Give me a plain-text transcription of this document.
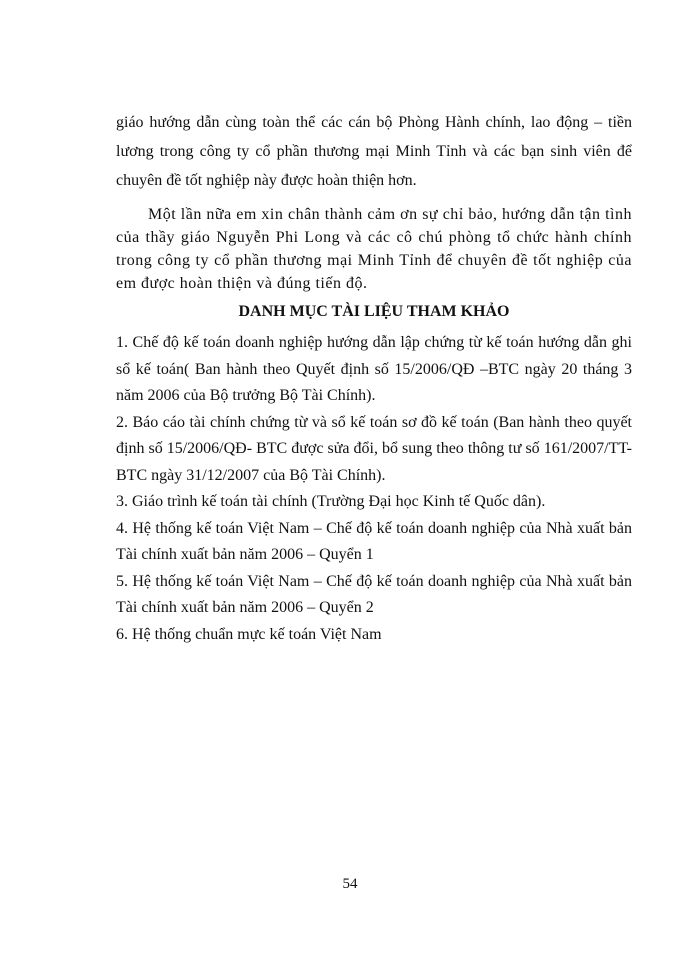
giáo hướng dẫn cùng toàn thể các cán bộ Phòng Hành chính, lao động – tiền lương trong công ty cổ phần thương mại Minh Tỉnh và các bạn sinh viên để chuyên đề tốt nghiệp này được hoàn thiện hơn.

Một lần nữa em xin chân thành cảm ơn sự chỉ bảo, hướng dẫn tận tình của thầy giáo Nguyễn Phi Long và các cô chú phòng tổ chức hành chính trong công ty cổ phần thương mại Minh Tỉnh để chuyên đề tốt nghiệp của em được hoàn thiện và đúng tiến độ.

DANH MỤC TÀI LIỆU THAM KHẢO
1. Chế độ kế toán doanh nghiệp hướng dẫn lập chứng từ kế toán hướng dẫn ghi sổ kế toán( Ban hành theo Quyết định số 15/2006/QĐ –BTC ngày 20 tháng 3 năm 2006 của Bộ trưởng Bộ Tài Chính).
2. Báo cáo tài chính chứng từ và sổ kế toán sơ đồ kế toán (Ban hành theo quyết định số 15/2006/QĐ- BTC được sửa đổi, bổ sung theo thông tư số 161/2007/TT- BTC ngày 31/12/2007 của Bộ Tài Chính).
3. Giáo trình kế toán tài chính (Trường Đại học Kinh tế Quốc dân).
4. Hệ thống kế toán Việt Nam – Chế độ kế toán doanh nghiệp của Nhà xuất bản Tài chính xuất bản năm 2006 – Quyển 1
5. Hệ thống kế toán Việt Nam – Chế độ kế toán doanh nghiệp của Nhà xuất bản Tài chính xuất bản năm 2006 – Quyển 2
6. Hệ thống chuẩn mực kế toán Việt Nam

54
